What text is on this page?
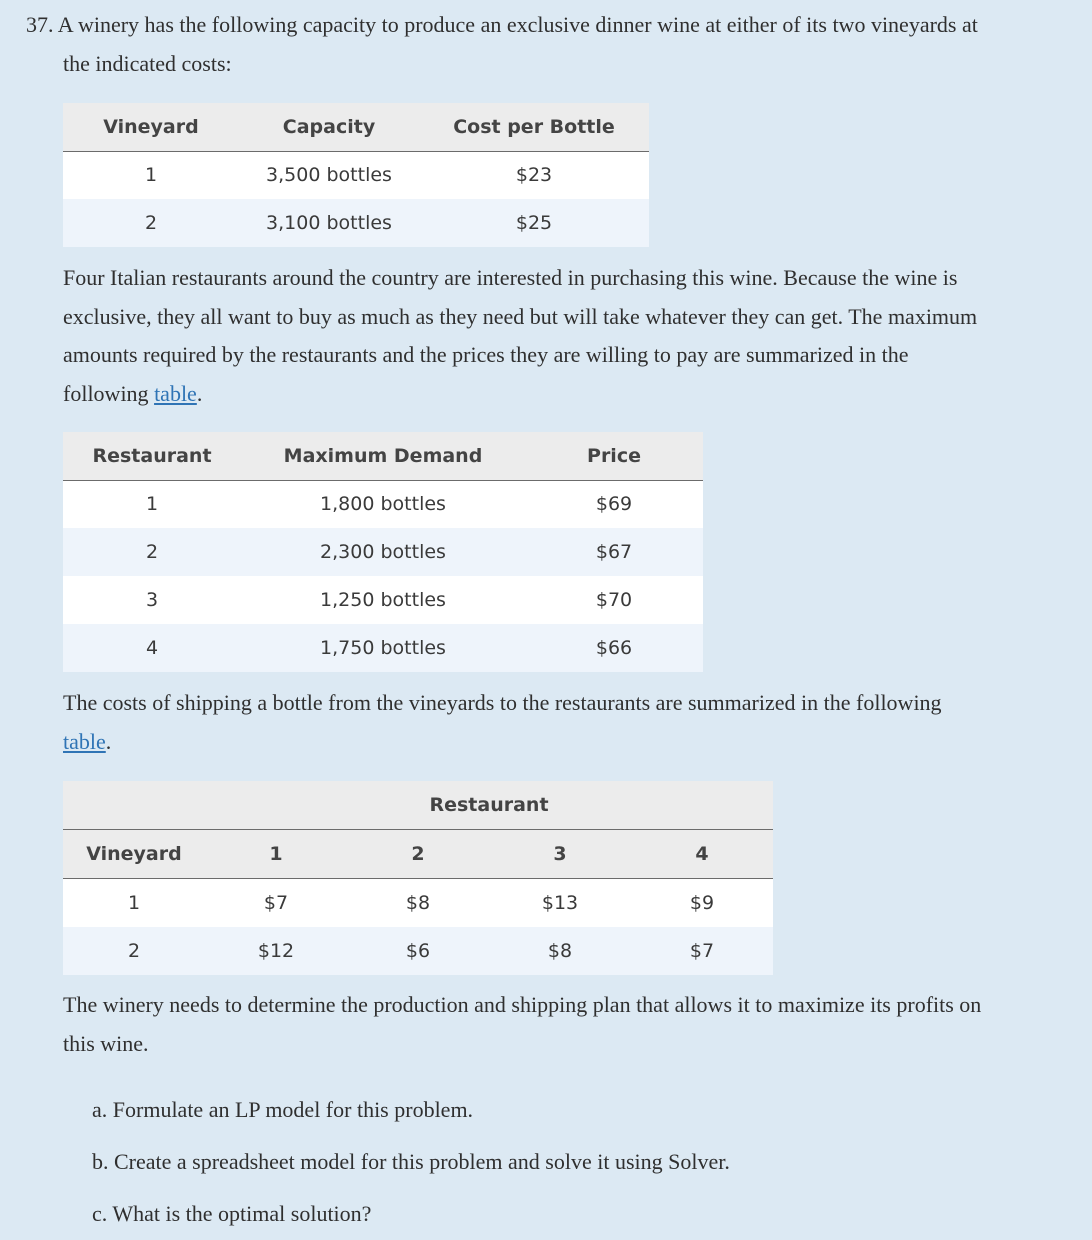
37. A winery has the following capacity to produce an exclusive dinner wine at either of its two vineyards at
the indicated costs:
Vineyard	Capacity	Cost per Bottle
1	3,500 bottles	$23
2	3,100 bottles	$25
Four Italian restaurants around the country are interested in purchasing this wine. Because the wine is
exclusive, they all want to buy as much as they need but will take whatever they can get. The maximum
amounts required by the restaurants and the prices they are willing to pay are summarized in the
following table.
Restaurant	Maximum Demand	Price
1	1,800 bottles	$69
2	2,300 bottles	$67
3	1,250 bottles	$70
4	1,750 bottles	$66
The costs of shipping a bottle from the vineyards to the restaurants are summarized in the following
table.
Restaurant
Vineyard	1	2	3	4
1	$7	$8	$13	$9
2	$12	$6	$8	$7
The winery needs to determine the production and shipping plan that allows it to maximize its profits on
this wine.
a. Formulate an LP model for this problem.
b. Create a spreadsheet model for this problem and solve it using Solver.
c. What is the optimal solution?
